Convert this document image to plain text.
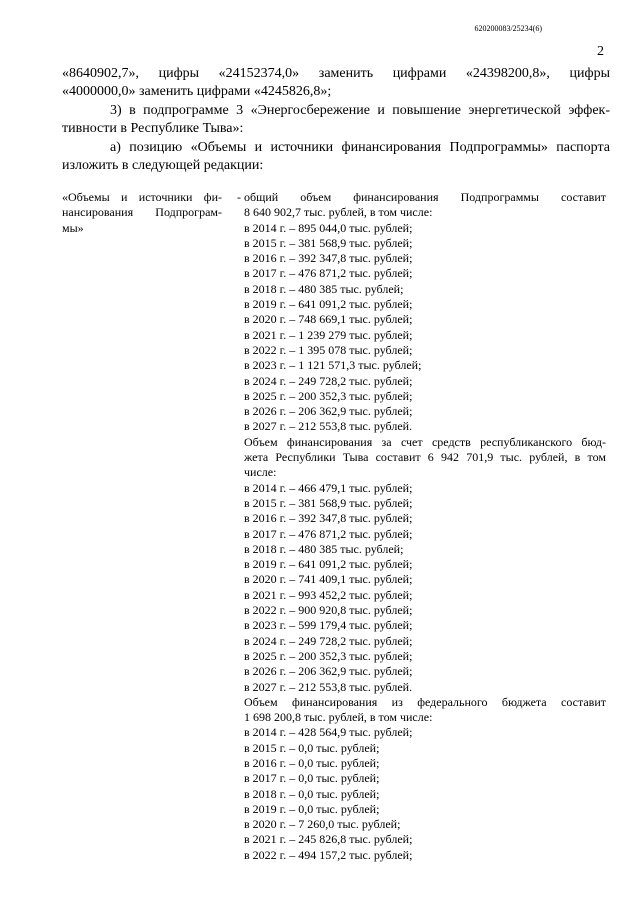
620200083/25234(6)
2
«8640902,7», цифры «24152374,0» заменить цифрами «24398200,8», цифры
«4000000,0» заменить цифрами «4245826,8»;
3) в подпрограмме 3 «Энергосбережение и повышение энергетической эффек-
тивности в Республике Тыва»:
а) позицию «Объемы и источники финансирования Подпрограммы» паспорта
изложить в следующей редакции:
«Объемы и источники фи-
нансирования Подпрограм-
мы»
- общий объем финансирования Подпрограммы составит
8 640 902,7 тыс. рублей, в том числе:
в 2014 г. – 895 044,0 тыс. рублей;
в 2015 г. – 381 568,9 тыс. рублей;
в 2016 г. – 392 347,8 тыс. рублей;
в 2017 г. – 476 871,2 тыс. рублей;
в 2018 г. – 480 385 тыс. рублей;
в 2019 г. – 641 091,2 тыс. рублей;
в 2020 г. – 748 669,1 тыс. рублей;
в 2021 г. – 1 239 279 тыс. рублей;
в 2022 г. – 1 395 078 тыс. рублей;
в 2023 г. – 1 121 571,3 тыс. рублей;
в 2024 г. – 249 728,2 тыс. рублей;
в 2025 г. – 200 352,3 тыс. рублей;
в 2026 г. – 206 362,9 тыс. рублей;
в 2027 г. – 212 553,8 тыс. рублей.
Объем финансирования за счет средств республиканского бюд-
жета Республики Тыва составит 6 942 701,9 тыс. рублей, в том
числе:
в 2014 г. – 466 479,1 тыс. рублей;
в 2015 г. – 381 568,9 тыс. рублей;
в 2016 г. – 392 347,8 тыс. рублей;
в 2017 г. – 476 871,2 тыс. рублей;
в 2018 г. – 480 385 тыс. рублей;
в 2019 г. – 641 091,2 тыс. рублей;
в 2020 г. – 741 409,1 тыс. рублей;
в 2021 г. – 993 452,2 тыс. рублей;
в 2022 г. – 900 920,8 тыс. рублей;
в 2023 г. – 599 179,4 тыс. рублей;
в 2024 г. – 249 728,2 тыс. рублей;
в 2025 г. – 200 352,3 тыс. рублей;
в 2026 г. – 206 362,9 тыс. рублей;
в 2027 г. – 212 553,8 тыс. рублей.
Объем финансирования из федерального бюджета составит
1 698 200,8 тыс. рублей, в том числе:
в 2014 г. – 428 564,9 тыс. рублей;
в 2015 г. – 0,0 тыс. рублей;
в 2016 г. – 0,0 тыс. рублей;
в 2017 г. – 0,0 тыс. рублей;
в 2018 г. – 0,0 тыс. рублей;
в 2019 г. – 0,0 тыс. рублей;
в 2020 г. – 7 260,0 тыс. рублей;
в 2021 г. – 245 826,8 тыс. рублей;
в 2022 г. – 494 157,2 тыс. рублей;
